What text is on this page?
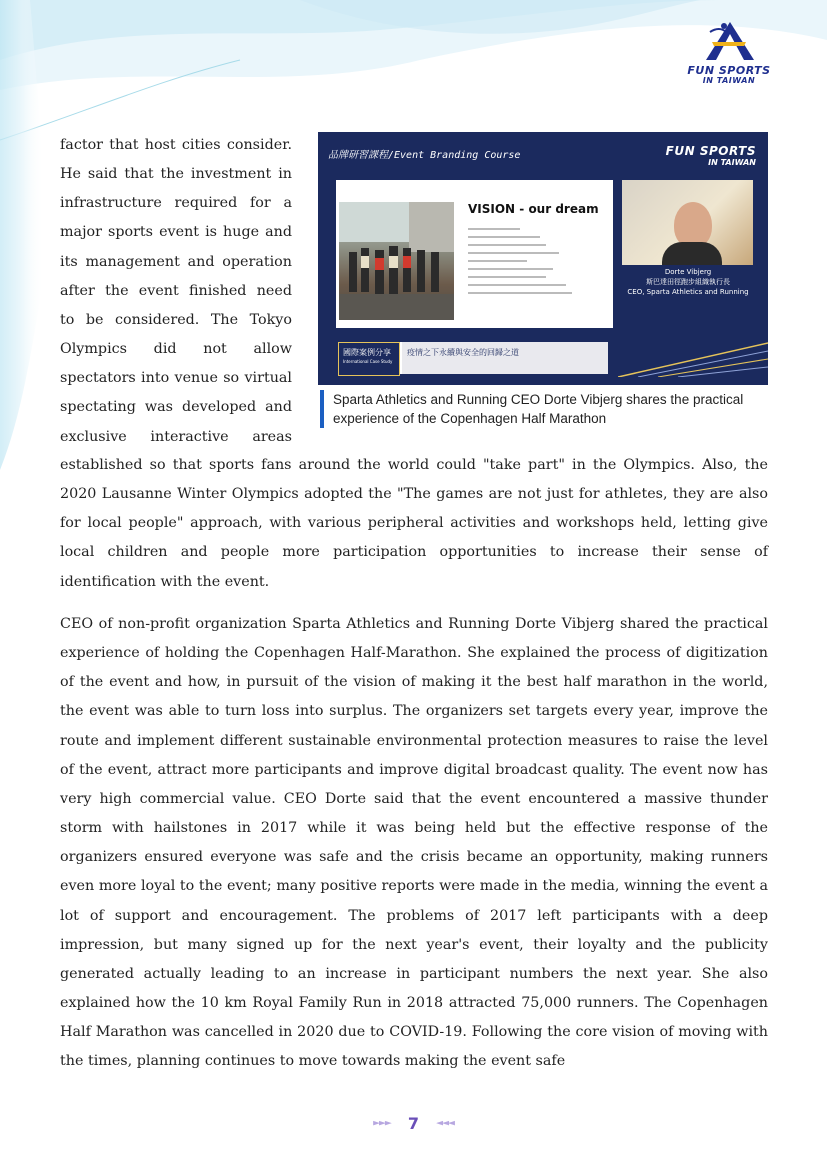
FUN SPORTS
IN TAIWAN
factor that host cities consider.
He said that the investment in
infrastructure required for a
major sports event is huge and
its management and operation
after the event finished need
to be considered. The Tokyo
Olympics did not allow
spectators into venue so virtual
spectating was developed and
exclusive interactive areas
品牌研習課程/Event Branding Course	FUN SPORTS
IN TAIWAN
VISION - our dream
Dorte Vibjerg
斯巴達田徑跑步組織執行長
CEO, Sparta Athletics and Running
國際案例分享
International Case Study
疫情之下永續與安全的回歸之道
Sparta Athletics and Running CEO Dorte Vibjerg shares the practical experience of the Copenhagen Half Marathon

established so that sports fans around the world could "take part" in the Olympics. Also, the 2020 Lausanne Winter Olympics adopted the "The games are not just for athletes, they are also for local people" approach, with various peripheral activities and workshops held, letting give local children and people more participation opportunities to increase their sense of identification with the event.

CEO of non-profit organization Sparta Athletics and Running Dorte Vibjerg shared the practical experience of holding the Copenhagen Half-Marathon. She explained the process of digitization of the event and how, in pursuit of the vision of making it the best half marathon in the world, the event was able to turn loss into surplus. The organizers set targets every year, improve the route and implement different sustainable environmental protection measures to raise the level of the event, attract more participants and improve digital broadcast quality. The event now has very high commercial value. CEO Dorte said that the event encountered a massive thunder storm with hailstones in 2017 while it was being held but the effective response of the organizers ensured everyone was safe and the crisis became an opportunity, making runners even more loyal to the event; many positive reports were made in the media, winning the event a lot of support and encouragement. The problems of 2017 left participants with a deep impression, but many signed up for the next year's event, their loyalty and the publicity generated actually leading to an increase in participant numbers the next year. She also explained how the 10 km Royal Family Run in 2018 attracted 75,000 runners. The Copenhagen Half Marathon was cancelled in 2020 due to COVID-19. Following the core vision of moving with the times, planning continues to move towards making the event safe

►►► 7 ◄◄◄
